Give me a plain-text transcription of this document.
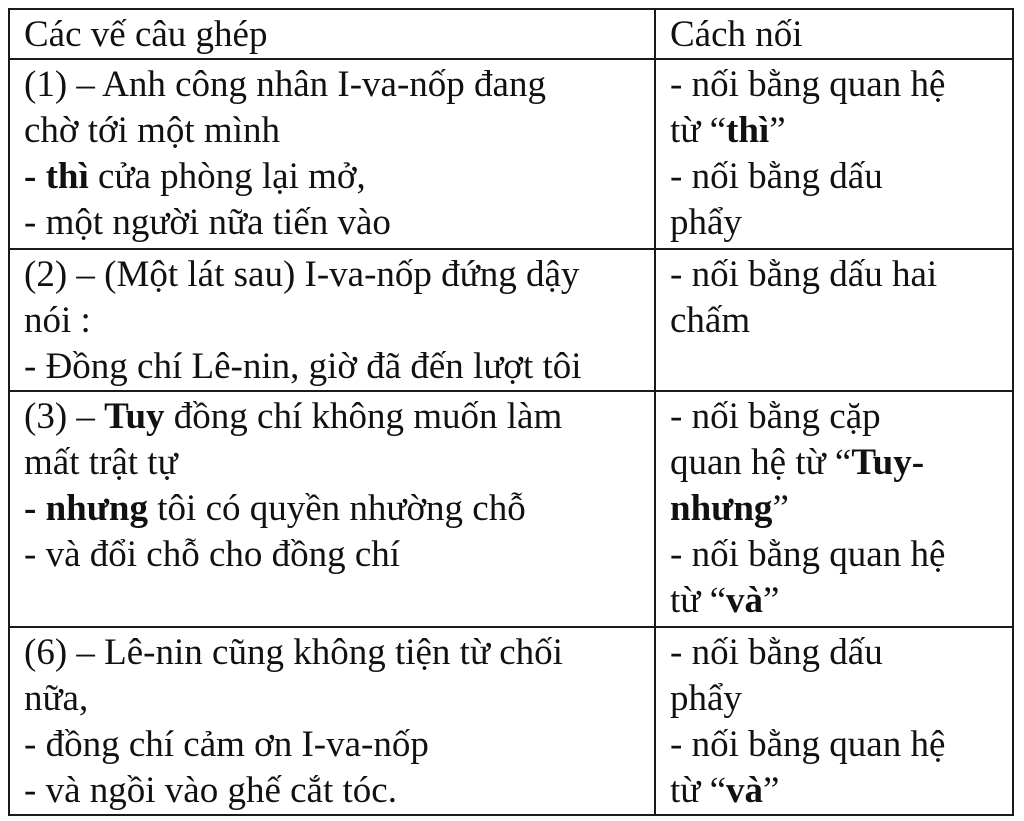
Các vế câu ghép	Cách nối

(1) – Anh công nhân I-va-nốp đang
chờ tới một mình
- thì cửa phòng lại mở,
- một người nữa tiến vào	- nối bằng quan hệ
từ “thì”
- nối bằng dấu
phẩy

(2) – (Một lát sau) I-va-nốp đứng dậy
nói :
- Đồng chí Lê-nin, giờ đã đến lượt tôi	- nối bằng dấu hai
chấm

(3) – Tuy đồng chí không muốn làm
mất trật tự
- nhưng tôi có quyền nhường chỗ
- và đổi chỗ cho đồng chí	- nối bằng cặp
quan hệ từ “Tuy-
nhưng”
- nối bằng quan hệ
từ “và”

(6) – Lê-nin cũng không tiện từ chối
nữa,
- đồng chí cảm ơn I-va-nốp
- và ngồi vào ghế cắt tóc.	- nối bằng dấu
phẩy
- nối bằng quan hệ
từ “và”
